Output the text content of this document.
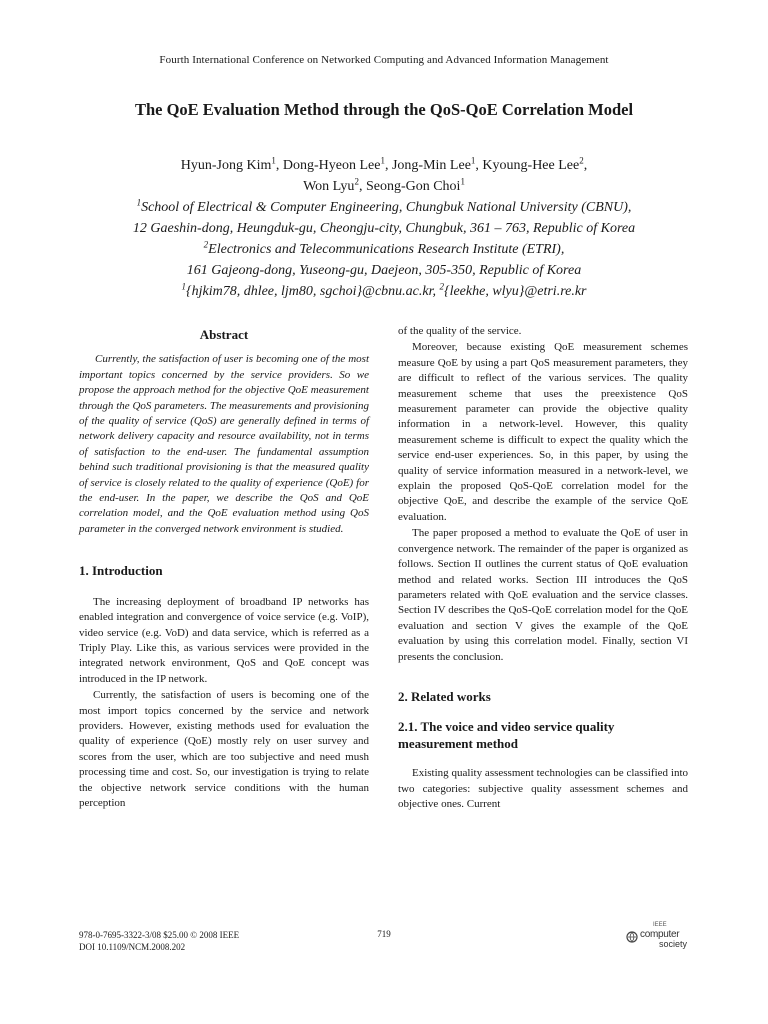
Fourth International Conference on Networked Computing and Advanced Information Management
The QoE Evaluation Method through the QoS-QoE Correlation Model
Hyun-Jong Kim$^1$, Dong-Hyeon Lee$^1$, Jong-Min Lee$^1$, Kyoung-Hee Lee$^2$,
Won Lyu$^2$, Seong-Gon Choi$^1$
$^1$School of Electrical & Computer Engineering, Chungbuk National University (CBNU),
12 Gaeshin-dong, Heungduk-gu, Cheongju-city, Chungbuk, 361 – 763, Republic of Korea
$^2$Electronics and Telecommunications Research Institute (ETRI),
161 Gajeong-dong, Yuseong-gu, Daejeon, 305-350, Republic of Korea
$^1${hjkim78, dhlee, ljm80, sgchoi}@cbnu.ac.kr, $^2${leekhe, wlyu}@etri.re.kr
Abstract

Currently, the satisfaction of user is becoming one of the most important topics concerned by the service providers. So we propose the approach method for the objective QoE measurement through the QoS parameters. The measurements and provisioning of the quality of service (QoS) are generally defined in terms of network delivery capacity and resource availability, not in terms of satisfaction to the end-user. The fundamental assumption behind such traditional provisioning is that the measured quality of service is closely related to the quality of experience (QoE) for the end-user. In the paper, we describe the QoS and QoE correlation model, and the QoE evaluation method using QoS parameter in the converged network environment is studied.

1. Introduction

The increasing deployment of broadband IP networks has enabled integration and convergence of voice service (e.g. VoIP), video service (e.g. VoD) and data service, which is referred as a Triply Play. Like this, as various services were provided in the integrated network environment, QoS and QoE concept was introduced in the IP network.

Currently, the satisfaction of users is becoming one of the most import topics concerned by the service and network providers. However, existing methods used for evaluation the quality of experience (QoE) mostly rely on user survey and scores from the user, which are too subjective and need mush processing time and cost. So, our investigation is trying to relate the objective network service conditions with the human perception

of the quality of the service.

Moreover, because existing QoE measurement schemes measure QoE by using a part QoS measurement parameters, they are difficult to reflect of the various services. The quality measurement scheme that uses the preexistence QoS measurement parameter can provide the objective quality information in a network-level. However, this quality measurement scheme is difficult to expect the quality which the service end-user experiences. So, in this paper, by using the quality of service information measured in a network-level, we explain the proposed QoS-QoE correlation model for the objective QoE, and describe the example of the service QoE evaluation.

The paper proposed a method to evaluate the QoE of user in convergence network. The remainder of the paper is organized as follows. Section II outlines the current status of QoE evaluation method and related works. Section III introduces the QoS parameters related with QoE evaluation and the service classes. Section IV describes the QoS-QoE correlation model for the QoE evaluation and section V gives the example of the QoE evaluation by using this correlation model. Finally, section VI presents the conclusion.

2. Related works
2.1. The voice and video service quality measurement method

Existing quality assessment technologies can be classified into two categories: subjective quality assessment schemes and objective ones. Current

978-0-7695-3322-3/08 $25.00 © 2008 IEEE
DOI 10.1109/NCM.2008.202
719
IEEE
computer
society
